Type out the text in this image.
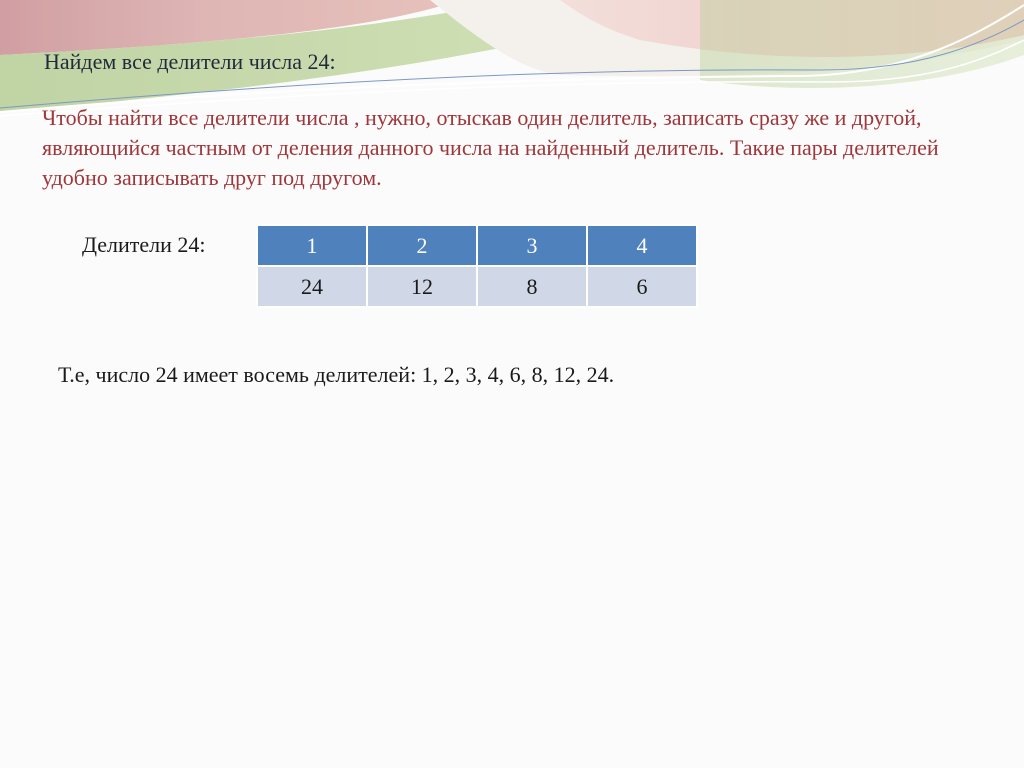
Найдем все делители числа 24:

Чтобы найти все делители числа , нужно, отыскав один делитель, записать сразу же и другой, являющийся частным от деления данного числа на найденный делитель. Такие пары делителей удобно записывать друг под другом.

Делители 24:	1	2	3	4
24	12	8	6
Т.е, число 24 имеет восемь делителей: 1, 2, 3, 4, 6, 8, 12, 24.
